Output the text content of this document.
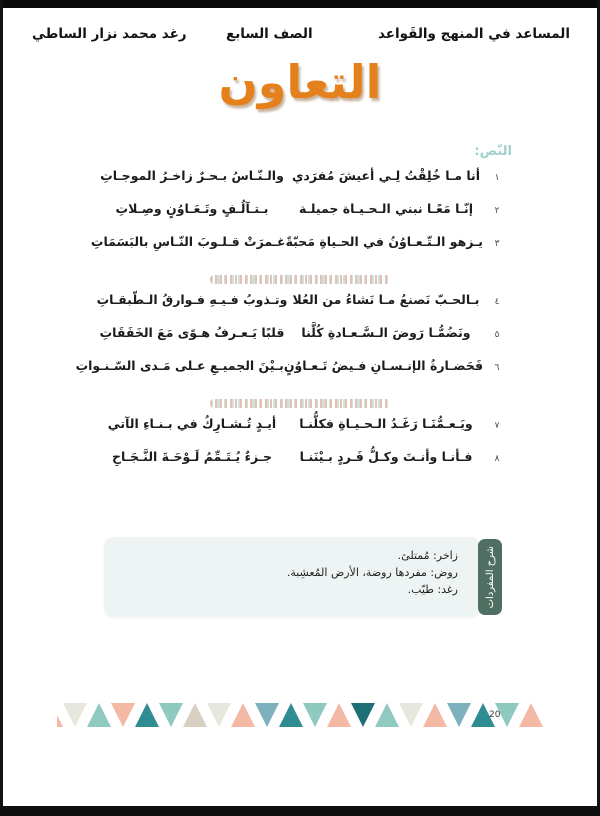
المساعد في المنهج والقَواعد
الصف السابع
رغد محمد نزار الساطي
التعاون
النّص:
١
أنا مـا خُلِقْتُ لِـي أعيشَ مُفرَدي
والـنّـاسُ بـحـرٌ زاخـرُ الموجـاتِ
٢
إنّـا مَعًـا نبني الـحـيـاة جميلـة
بـتـآلُـفٍ وتَـعَـاوُنٍ وصِـلاتِ
٣
يـزهو الـتّـعـاوُنُ في الحـياةِ مَحبّةً
غـمرَتْ قـلـوبَ النّـاسِ بالبَسَمَاتِ
٤
بـالحـبّ نَصنعُ مـا نَشاءُ من العُلا
وتـذوبُ فـيـهِ فـوارقُ الـطّبقـاتِ
٥
ونَضُمُّـا رَوضَ الـسَّـعـادةِ كُلَّنا
قلبًا يَـعـرفُ هـوًى مَعَ الخَفَقَاتِ
٦
فَحَضـارةُ الإنـسـانِ فـيضُ تَـعـاوُنٍ
بـيْنَ الجميـعِ عـلى مَـدى السّـنـواتِ
٧
ويَـعـمُّنَـا رَغَـدُ الـحـيـاةِ فكلُّنـا
أيـدٍ تُـشـارِكُ في بـنـاءِ الآتي
٨
فـأنـا وأنـتَ وكـلُّ فَـردٍ بـيْنَنـا
جـزءٌ يُـتَـمِّمُ لَـوْحَـةَ النَّـجَـاحِ
زاخر: مُمتلئ.
روض: مفردها روضة، الأرض المُعشِبة.
رغد: طيّب.	شرح المفردات
20
